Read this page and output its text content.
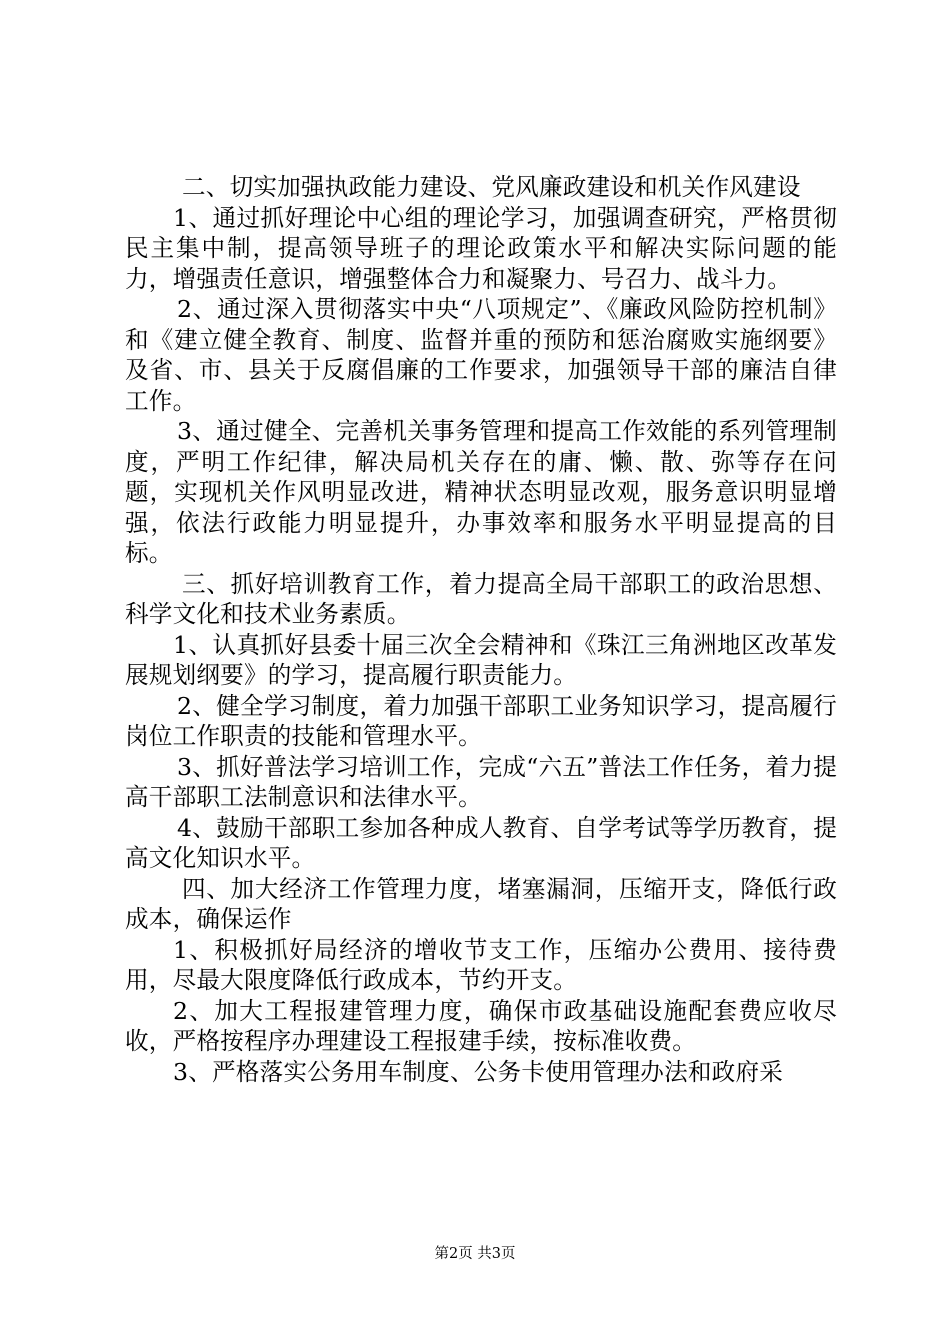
二、切实加强执政能力建设、党风廉政建设和机关作风建设

1、通过抓好理论中心组的理论学习，加强调查研究，严格贯彻民主集中制，提高领导班子的理论政策水平和解决实际问题的能力，增强责任意识，增强整体合力和凝聚力、号召力、战斗力。

2、通过深入贯彻落实中央“八项规定”、《廉政风险防控机制》和《建立健全教育、制度、监督并重的预防和惩治腐败实施纲要》及省、市、县关于反腐倡廉的工作要求，加强领导干部的廉洁自律工作。

3、通过健全、完善机关事务管理和提高工作效能的系列管理制度，严明工作纪律，解决局机关存在的庸、懒、散、弥等存在问题，实现机关作风明显改进，精神状态明显改观，服务意识明显增强，依法行政能力明显提升，办事效率和服务水平明显提高的目标。

三、抓好培训教育工作，着力提高全局干部职工的政治思想、科学文化和技术业务素质。

1、认真抓好县委十届三次全会精神和《珠江三角洲地区改革发展规划纲要》的学习，提高履行职责能力。

2、健全学习制度，着力加强干部职工业务知识学习，提高履行岗位工作职责的技能和管理水平。

3、抓好普法学习培训工作，完成“六五”普法工作任务，着力提高干部职工法制意识和法律水平。

4、鼓励干部职工参加各种成人教育、自学考试等学历教育，提高文化知识水平。

四、加大经济工作管理力度，堵塞漏洞，压缩开支，降低行政成本，确保运作

1、积极抓好局经济的增收节支工作，压缩办公费用、接待费用，尽最大限度降低行政成本，节约开支。

2、加大工程报建管理力度，确保市政基础设施配套费应收尽收，严格按程序办理建设工程报建手续，按标准收费。

3、严格落实公务用车制度、公务卡使用管理办法和政府采

第2页 共3页
